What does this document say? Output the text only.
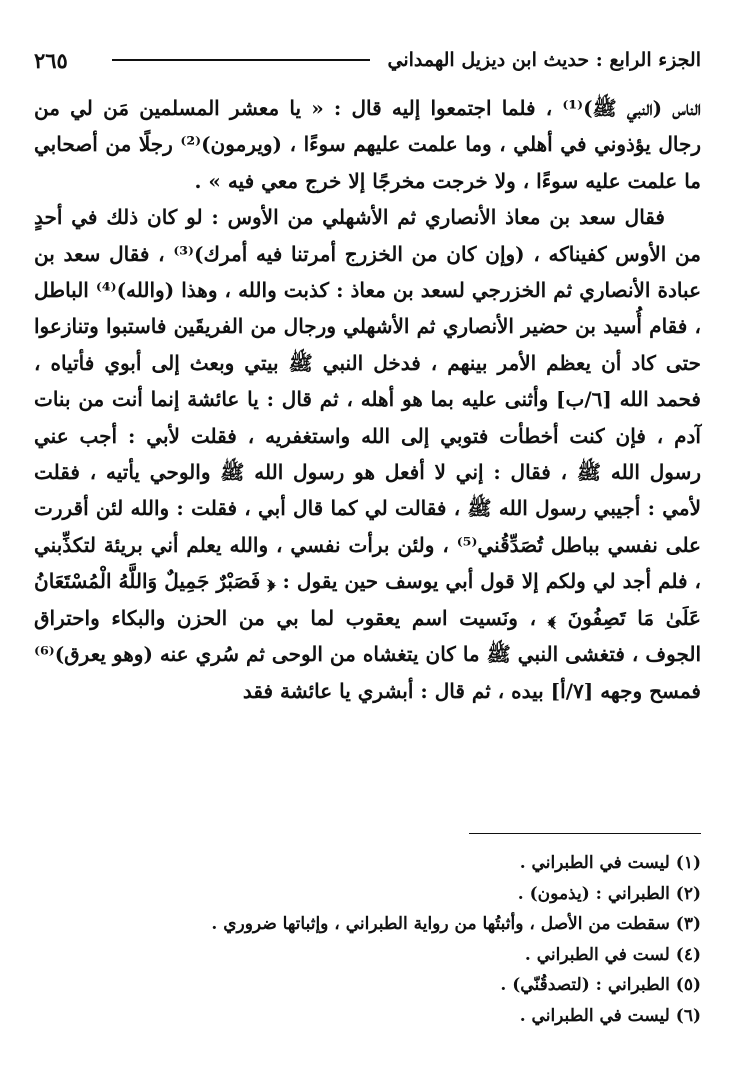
الجزء الرابع : حديث ابن ديزيل الهمداني
٢٦٥

الناس (النبي ﷺ)⁽¹⁾ ، فلما اجتمعوا إليه قال : « يا معشر المسلمين مَن لي من رجال يؤذوني في أهلي ، وما علمت عليهم سوءًا ، (ويرمون)⁽²⁾ رجلًا من أصحابي ما علمت عليه سوءًا ، ولا خرجت مخرجًا إلا خرج معي فيه » .

فقال سعد بن معاذ الأنصاري ثم الأشهلي من الأوس : لو كان ذلك في أحدٍ من الأوس كفيناكه ، (وإن كان من الخزرج أمرتنا فيه أمرك)⁽³⁾ ، فقال سعد بن عبادة الأنصاري ثم الخزرجي لسعد بن معاذ : كذبت والله ، وهذا (والله)⁽⁴⁾ الباطل ، فقام أُسيد بن حضير الأنصاري ثم الأشهلي ورجال من الفريقَين فاستبوا وتنازعوا حتى كاد أن يعظم الأمر بينهم ، فدخل النبي ﷺ بيتي وبعث إلى أبوي فأتياه ، فحمد الله [٦/ب] وأثنى عليه بما هو أهله ، ثم قال : يا عائشة إنما أنت من بنات آدم ، فإن كنت أخطأت فتوبي إلى الله واستغفريه ، فقلت لأبي : أجب عني رسول الله ﷺ ، فقال : إني لا أفعل هو رسول الله ﷺ والوحي يأتيه ، فقلت لأمي : أجيبي رسول الله ﷺ ، فقالت لي كما قال أبي ، فقلت : والله لئن أقررت على نفسي بباطل تُصَدِّقُني⁽⁵⁾ ، ولئن برأت نفسي ، والله يعلم أني بريئة لتكذِّبني ، فلم أجد لي ولكم إلا قول أبي يوسف حين يقول : ﴿ فَصَبْرٌ جَمِيلٌ وَاللَّهُ الْمُسْتَعَانُ عَلَىٰ مَا تَصِفُونَ ﴾ ، ونَسيت اسم يعقوب لما بي من الحزن والبكاء واحتراق الجوف ، فتغشى النبي ﷺ ما كان يتغشاه من الوحى ثم سُري عنه (وهو يعرق)⁽⁶⁾ فمسح وجهه [٧/أ] بيده ، ثم قال : أبشري يا عائشة فقد

(١) ليست في الطبراني .
(٢) الطبراني : (يذمون) .
(٣) سقطت من الأصل ، وأثبتُها من رواية الطبراني ، وإثباتها ضروري .
(٤) لست في الطبراني .
(٥) الطبراني : (لتصدقُنّي) .
(٦) ليست في الطبراني .
